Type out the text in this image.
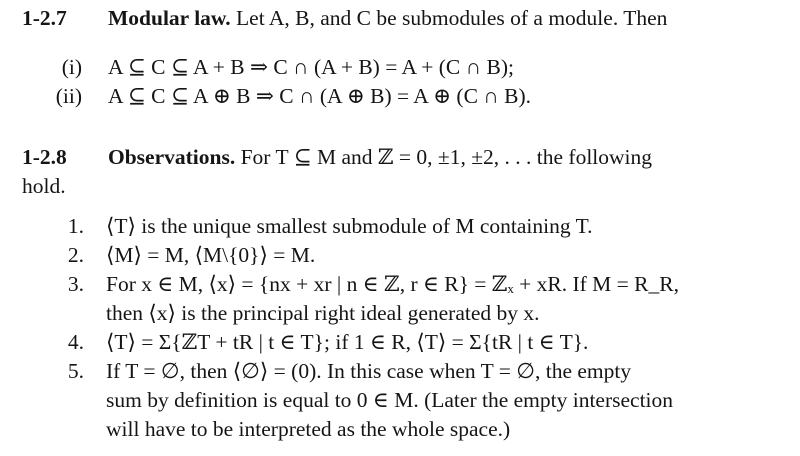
1-2.7 Modular law. Let A, B, and C be submodules of a module. Then
(i) A ⊆ C ⊆ A + B ⇒ C ∩ (A + B) = A + (C ∩ B);
(ii) A ⊆ C ⊆ A ⊕ B ⇒ C ∩ (A ⊕ B) = A ⊕ (C ∩ B).
1-2.8 Observations. For T ⊆ M and ℤ = 0, ±1, ±2, . . . the following
hold.
1. ⟨T⟩ is the unique smallest submodule of M containing T.
2. ⟨M⟩ = M, ⟨M\{0}⟩ = M.
3. For x ∈ M, ⟨x⟩ = {nx + xr | n ∈ ℤ, r ∈ R} = ℤₓ + xR. If M = R_R,
then ⟨x⟩ is the principal right ideal generated by x.
4. ⟨T⟩ = Σ{ℤT + tR | t ∈ T}; if 1 ∈ R, ⟨T⟩ = Σ{tR | t ∈ T}.
5. If T = ∅, then ⟨∅⟩ = (0). In this case when T = ∅, the empty
sum by definition is equal to 0 ∈ M. (Later the empty intersection
will have to be interpreted as the whole space.)
